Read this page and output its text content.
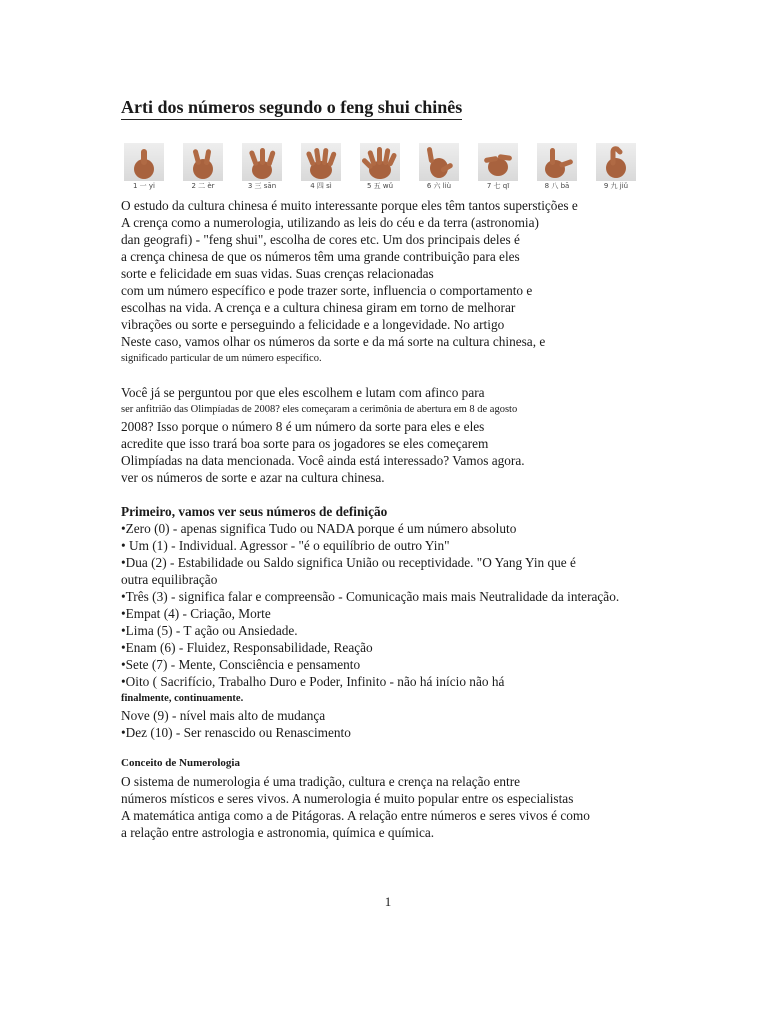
Arti dos números segundo o feng shui chinês
1 一 yi	2 二 èr	3 三 sān	4 四 sì	5 五 wǔ	6 六 liù	7 七 qī	8 八 bā	9 九 jiǔ
O estudo da cultura chinesa é muito interessante porque eles têm tantos superstições e
A crença como a numerologia, utilizando as leis do céu e da terra (astronomia)
dan geografi) - "feng shui", escolha de cores etc. Um dos principais deles é
a crença chinesa de que os números têm uma grande contribuição para eles
sorte e felicidade em suas vidas. Suas crenças relacionadas
com um número específico e pode trazer sorte, influencia o comportamento e
escolhas na vida. A crença e a cultura chinesa giram em torno de melhorar
vibrações ou sorte e perseguindo a felicidade e a longevidade. No artigo
Neste caso, vamos olhar os números da sorte e da má sorte na cultura chinesa, e
significado particular de um número específico.
Você já se perguntou por que eles escolhem e lutam com afinco para
ser anfitrião das Olimpíadas de 2008? eles começaram a cerimônia de abertura em 8 de agosto
2008? Isso porque o número 8 é um número da sorte para eles e eles
acredite que isso trará boa sorte para os jogadores se eles começarem
Olimpíadas na data mencionada. Você ainda está interessado? Vamos agora.
ver os números de sorte e azar na cultura chinesa.
Primeiro, vamos ver seus números de definição
•Zero (0) - apenas significa Tudo ou NADA porque é um número absoluto
• Um (1) - Individual. Agressor - "é o equilíbrio de outro Yin"
•Dua (2) - Estabilidade ou Saldo significa União ou receptividade. "O Yang Yin que é
outra equilibração
•Três (3) - significa falar e compreensão - Comunicação mais mais Neutralidade da interação.
•Empat (4) - Criação, Morte
•Lima (5) - T ação ou Ansiedade.
•Enam (6) - Fluidez, Responsabilidade, Reação
•Sete (7) - Mente, Consciência e pensamento
•Oito ( Sacrifício, Trabalho Duro e Poder, Infinito - não há início não há
finalmente, continuamente.
Nove (9) - nível mais alto de mudança
•Dez (10) - Ser renascido ou Renascimento
Conceito de Numerologia
O sistema de numerologia é uma tradição, cultura e crença na relação entre
números místicos e seres vivos. A numerologia é muito popular entre os especialistas
A matemática antiga como a de Pitágoras. A relação entre números e seres vivos é como
a relação entre astrologia e astronomia, química e química.
1
